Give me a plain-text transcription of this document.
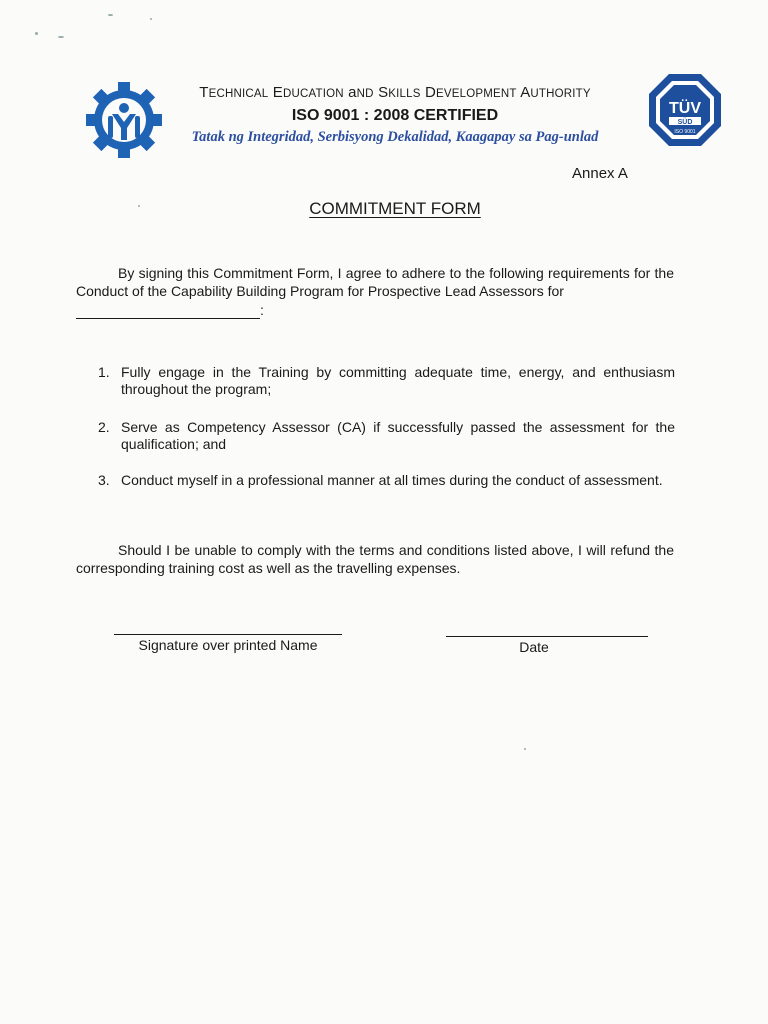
TECHNICAL EDUCATION aND SKILLS DEVELOPMENT AUTHORITY
ISO 9001 : 2008 CERTIFIED
Tatak ng Integridad, Serbisyong Dekalidad, Kaagapay sa Pag-unlad
TÜV
SÜD
ISO 9001
Annex A
COMMITMENT FORM
By signing this Commitment Form, I agree to adhere to the following requirements for the Conduct of the Capability Building Program for Prospective Lead Assessors for
:
1. Fully engage in the Training by committing adequate time, energy, and enthusiasm throughout the program;
2. Serve as Competency Assessor (CA) if successfully passed the assessment for the qualification; and
3. Conduct myself in a professional manner at all times during the conduct of assessment.
Should I be unable to comply with the terms and conditions listed above, I will refund the corresponding training cost as well as the travelling expenses.
Signature over printed Name	Date
